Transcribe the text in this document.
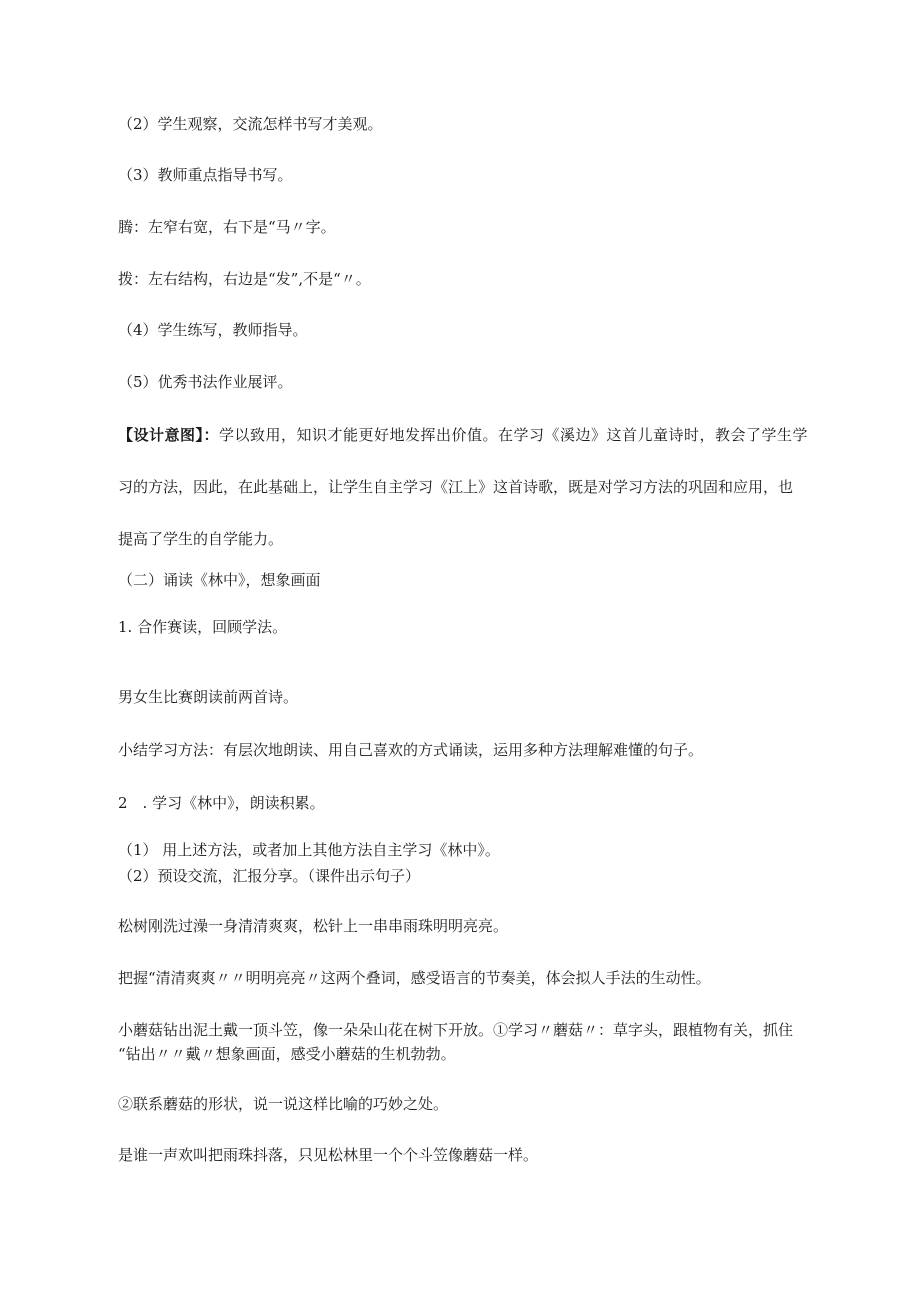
（2）学生观察，交流怎样书写才美观。
（3）教师重点指导书写。
腾：左窄右宽，右下是“马〃字。
拨：左右结构，右边是“发”,不是“〃。
（4）学生练写，教师指导。
（5）优秀书法作业展评。
【设计意图】：学以致用，知识才能更好地发挥出价值。在学习《溪边》这首儿童诗时，教会了学生学
习的方法，因此，在此基础上，让学生自主学习《江上》这首诗歌，既是对学习方法的巩固和应用，也
提高了学生的自学能力。
（二）诵读《林中》，想象画面
1. 合作赛读，回顾学法。
男女生比赛朗读前两首诗。
小结学习方法：有层次地朗读、用自己喜欢的方式诵读，运用多种方法理解难懂的句子。
2　. 学习《林中》，朗读积累。
（1） 用上述方法，或者加上其他方法自主学习《林中》。
（2）预设交流，汇报分享。（课件出示句子）
松树刚洗过澡一身清清爽爽，松针上一串串雨珠明明亮亮。
把握“清清爽爽〃〃明明亮亮〃这两个叠词，感受语言的节奏美，体会拟人手法的生动性。
小蘑菇钻出泥土戴一顶斗笠，像一朵朵山花在树下开放。①学习〃蘑菇〃：草字头，跟植物有关，抓住
“钻出〃〃戴〃想象画面，感受小蘑菇的生机勃勃。
②联系蘑菇的形状，说一说这样比喻的巧妙之处。
是谁一声欢叫把雨珠抖落，只见松林里一个个斗笠像蘑菇一样。
